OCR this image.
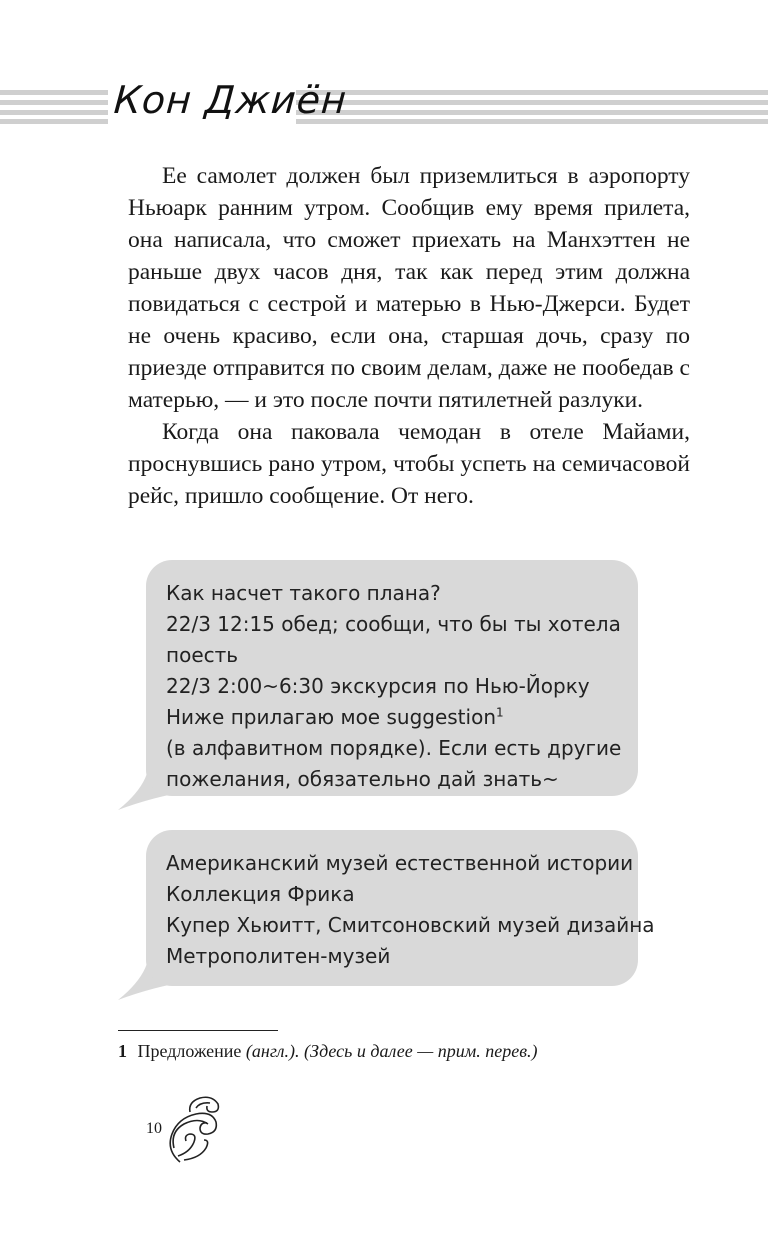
Кон Джиён

Ее самолет должен был приземлиться в аэропорту Ньюарк ранним утром. Сообщив ему время прилета, она написала, что сможет приехать на Манхэттен не раньше двух часов дня, так как перед этим должна повидаться с сестрой и матерью в Нью-Джерси. Будет не очень красиво, если она, старшая дочь, сразу по приезде отправится по своим делам, даже не пообедав с матерью, — и это после почти пятилетней разлуки.

Когда она паковала чемодан в отеле Майами, проснувшись рано утром, чтобы успеть на семичасовой рейс, пришло сообщение. От него.

Как насчет такого плана?
22/3 12:15 обед; сообщи, что бы ты хотела
поесть
22/3 2:00~6:30 экскурсия по Нью-Йорку
Ниже прилагаю мое suggestion$^1$
(в алфавитном порядке). Если есть другие
пожелания, обязательно дай знать~
Американский музей естественной истории
Коллекция Фрика
Купер Хьюитт, Смитсоновский музей дизайна
Метрополитен-музей
1 Предложение (англ.). (Здесь и далее — прим. перев.)
10
